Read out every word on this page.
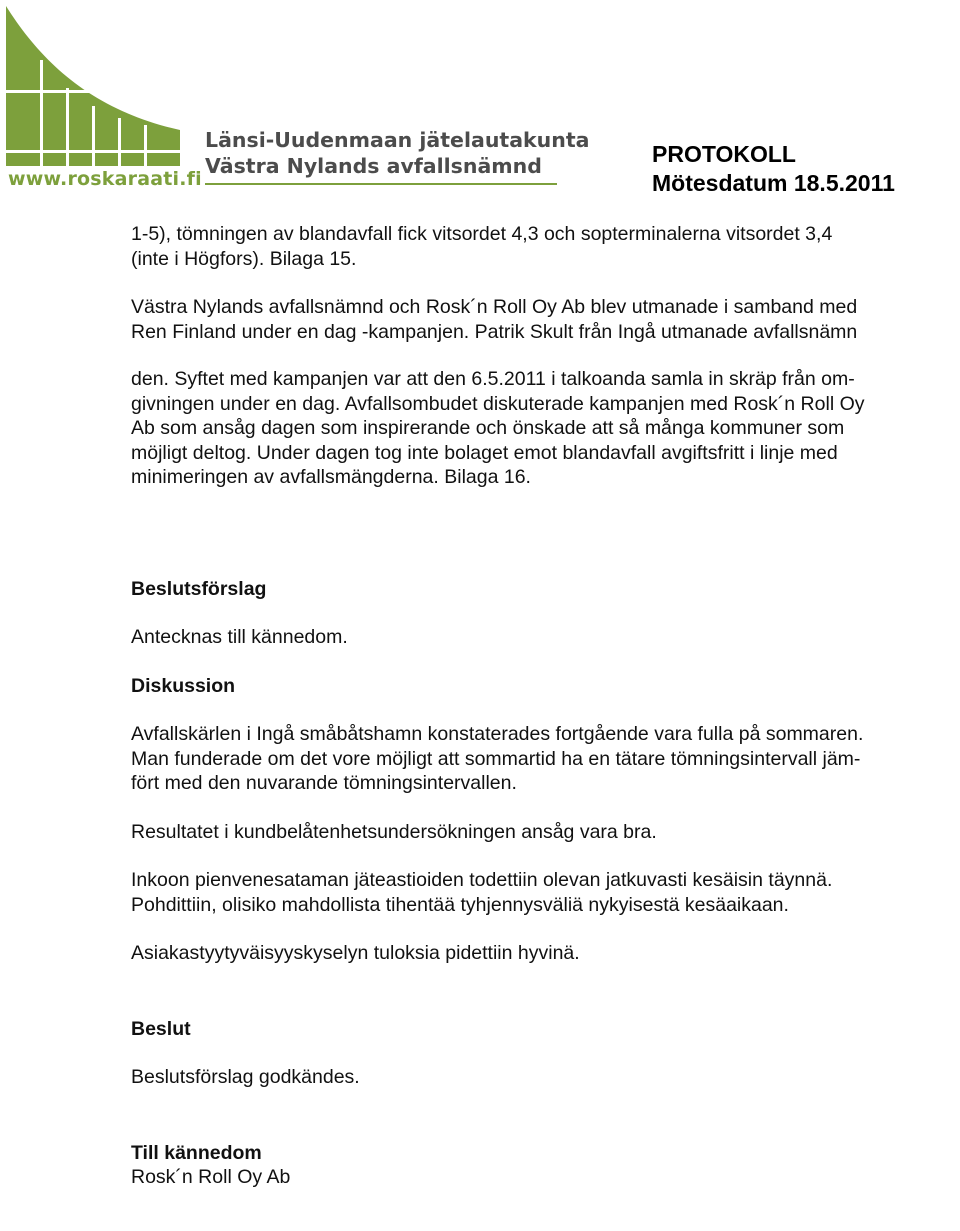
www.roskaraati.fi
Länsi-Uudenmaan jätelautakunta
Västra Nylands avfallsnämnd	PROTOKOLL
Mötesdatum 18.5.2011

1-5), tömningen av blandavfall fick vitsordet 4,3 och sopterminalerna vitsordet 3,4

(inte i Högfors). Bilaga 15.

Västra Nylands avfallsnämnd och Rosk´n Roll Oy Ab blev utmanade i samband med

Ren Finland under en dag -kampanjen. Patrik Skult från Ingå utmanade avfallsnämn

den. Syftet med kampanjen var att den 6.5.2011 i talkoanda samla in skräp från om-

givningen under en dag. Avfallsombudet diskuterade kampanjen med Rosk´n Roll Oy

Ab som ansåg dagen som inspirerande och önskade att så många kommuner som

möjligt deltog. Under dagen tog inte bolaget emot blandavfall avgiftsfritt i linje med

minimeringen av avfallsmängderna. Bilaga 16.

Beslutsförslag

Antecknas till kännedom.

Diskussion

Avfallskärlen i Ingå småbåtshamn konstaterades fortgående vara fulla på sommaren.

Man funderade om det vore möjligt att sommartid ha en tätare tömningsintervall jäm-

fört med den nuvarande tömningsintervallen.

Resultatet i kundbelåtenhetsundersökningen ansåg vara bra.

Inkoon pienvenesataman jäteastioiden todettiin olevan jatkuvasti kesäisin täynnä.

Pohdittiin, olisiko mahdollista tihentää tyhjennysväliä nykyisestä kesäaikaan.

Asiakastyytyväisyyskyselyn tuloksia pidettiin hyvinä.

Beslut

Beslutsförslag godkändes.

Till kännedom

Rosk´n Roll Oy Ab
